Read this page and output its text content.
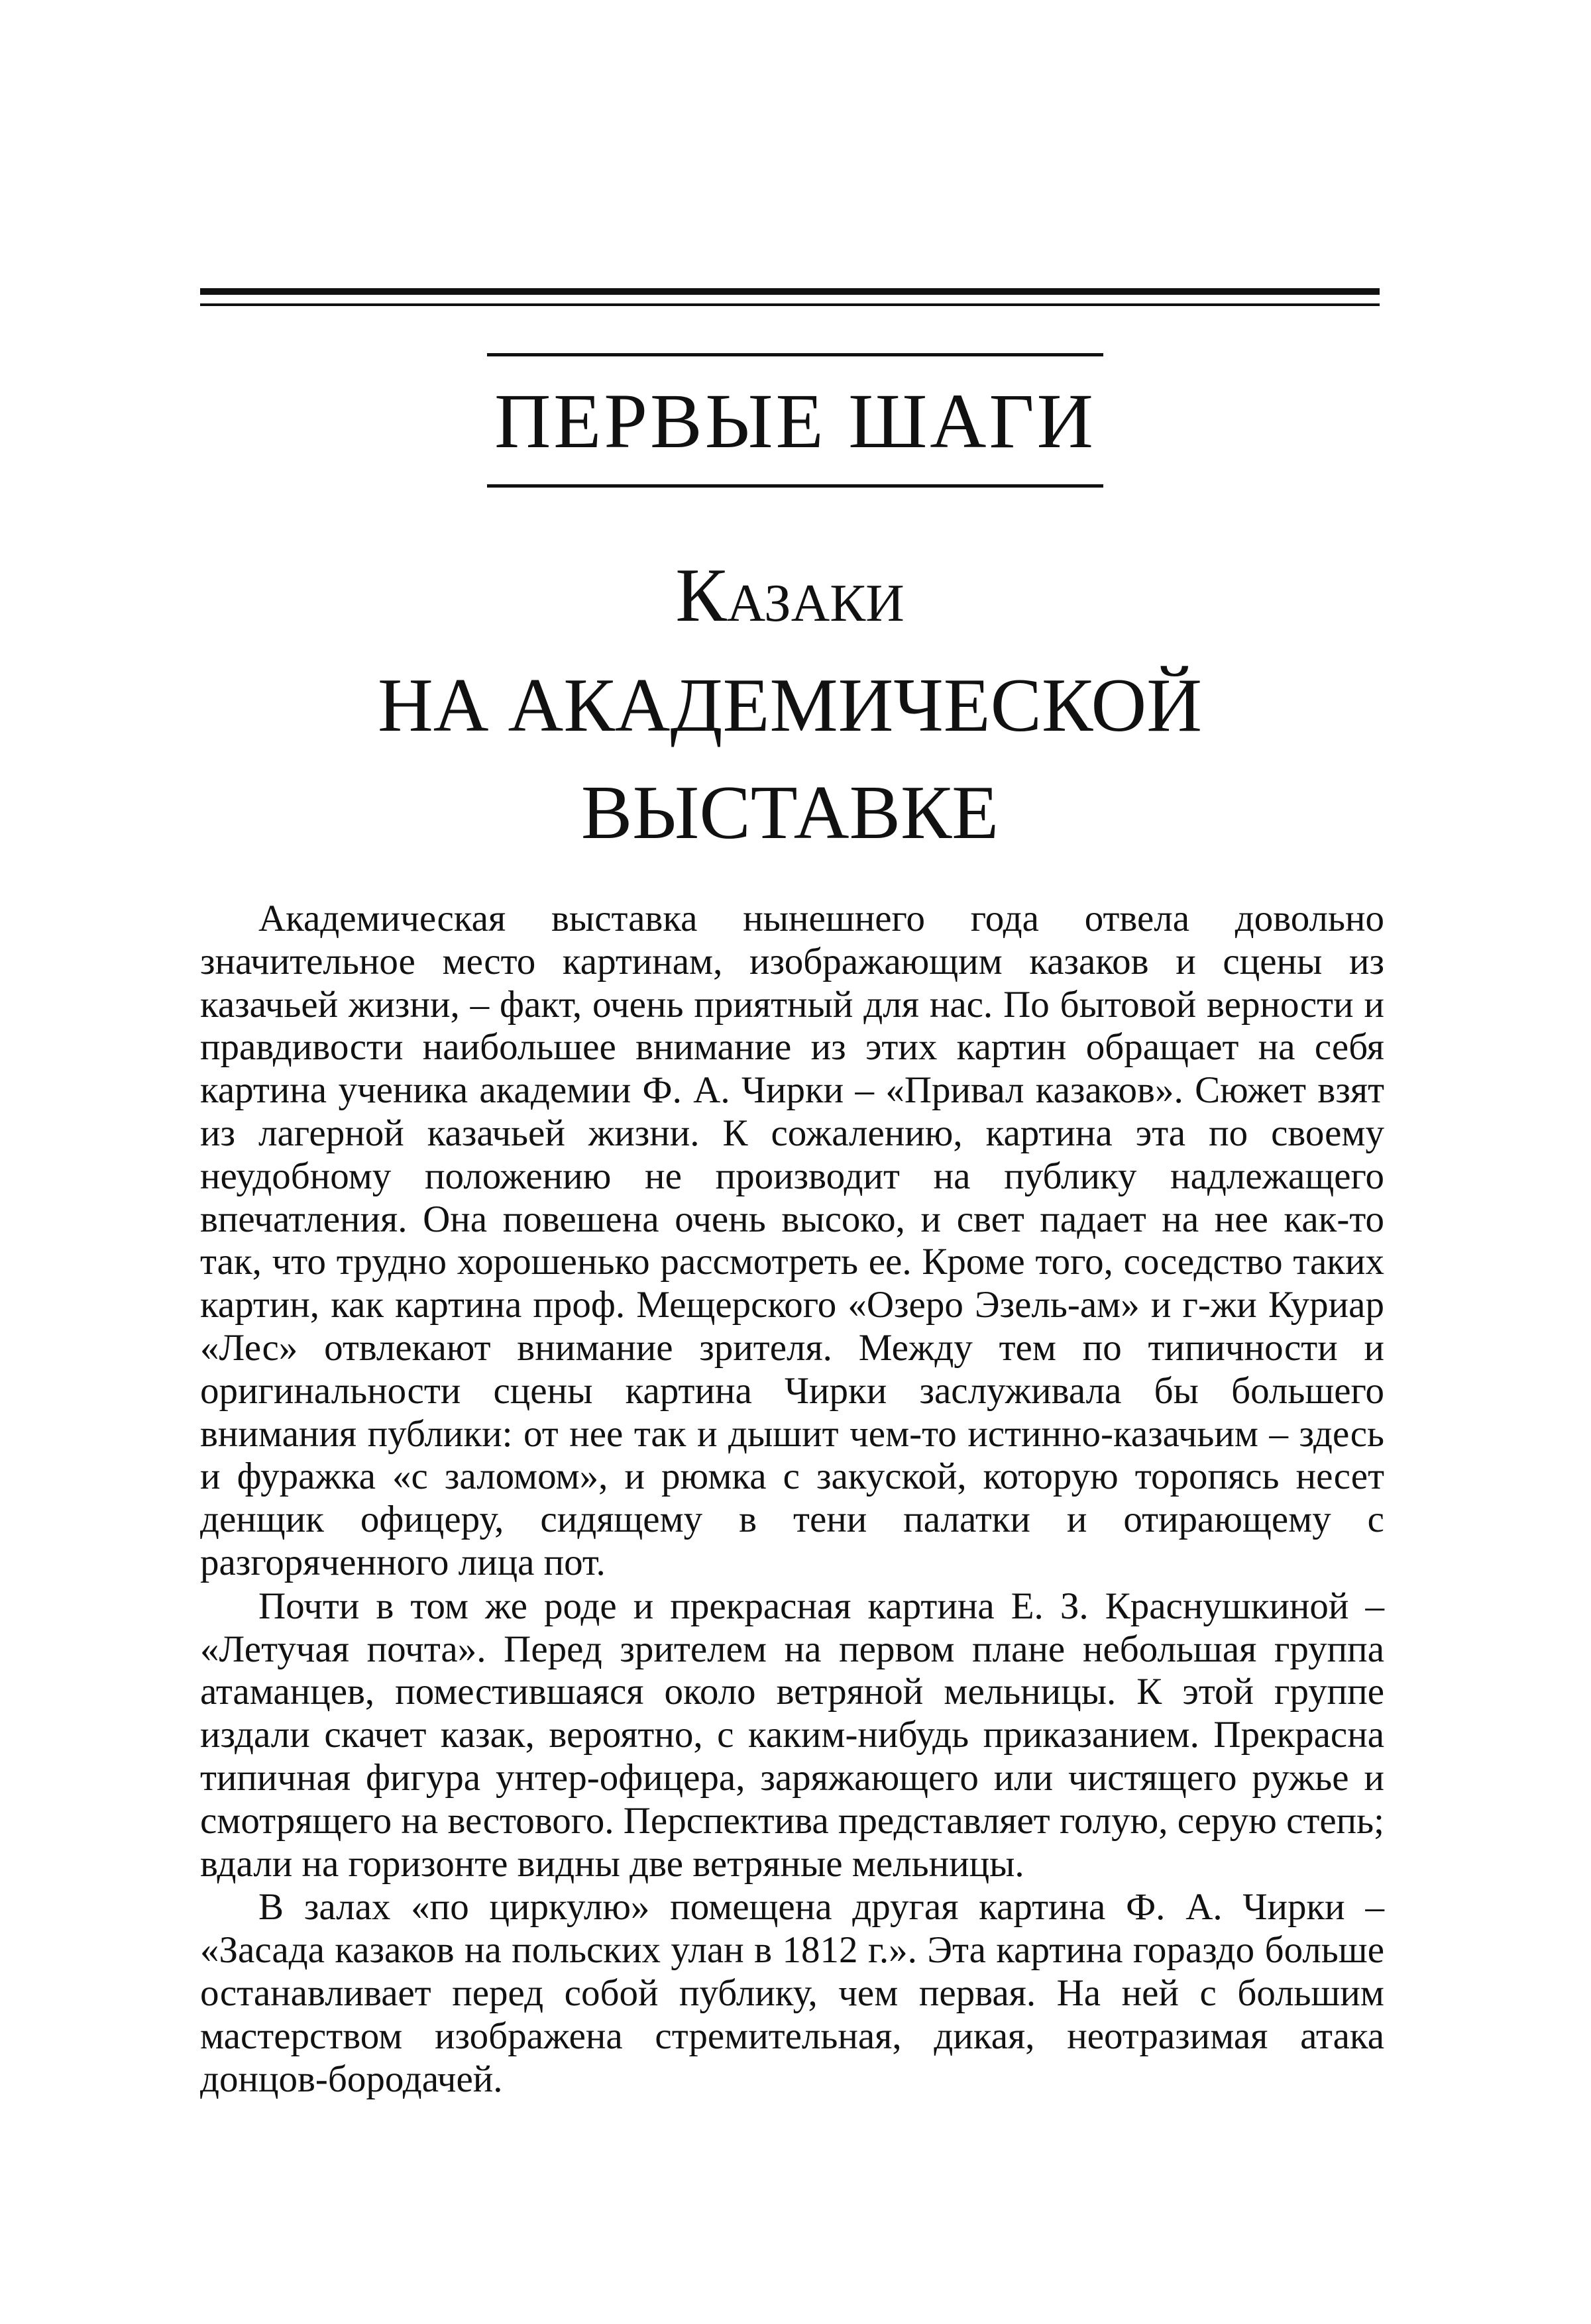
ПЕРВЫЕ ШАГИ
Казаки
НА АКАДЕМИЧЕСКОЙ ВЫСТАВКЕ

Академическая выставка нынешнего года отвела довольно значительное место картинам, изображающим казаков и сцены из казачьей жизни, – факт, очень приятный для нас. По бытовой верности и правдивости наибольшее внимание из этих картин обращает на себя картина ученика академии Ф. А. Чирки – «Привал казаков». Сюжет взят из лагерной казачьей жизни. К сожалению, картина эта по своему неудобному положению не производит на публику надлежащего впечатления. Она повешена очень высоко, и свет падает на нее как-то так, что трудно хорошенько рассмотреть ее. Кроме того, соседство таких картин, как картина проф. Мещерского «Озеро Эзель-ам» и г-жи Куриар «Лес» отвлекают внимание зрителя. Между тем по типичности и оригинальности сцены картина Чирки заслуживала бы большего внимания публики: от нее так и дышит чем-то истинно-казачьим – здесь и фуражка «с заломом», и рюмка с закуской, которую торопясь несет денщик офицеру, сидящему в тени палатки и отирающему с разгоряченного лица пот.

Почти в том же роде и прекрасная картина Е. З. Краснушкиной – «Летучая почта». Перед зрителем на первом плане небольшая группа атаманцев, поместившаяся около ветряной мельницы. К этой группе издали скачет казак, вероятно, с каким-нибудь приказанием. Прекрасна типичная фигура унтер-офицера, заряжающего или чистящего ружье и смотрящего на вестового. Перспектива представляет голую, серую степь; вдали на горизонте видны две ветряные мельницы.

В залах «по циркулю» помещена другая картина Ф. А. Чирки – «Засада казаков на польских улан в 1812 г.». Эта картина гораздо больше останавливает перед собой публику, чем первая. На ней с большим мастерством изображена стремительная, дикая, неотразимая атака донцов-бородачей.
